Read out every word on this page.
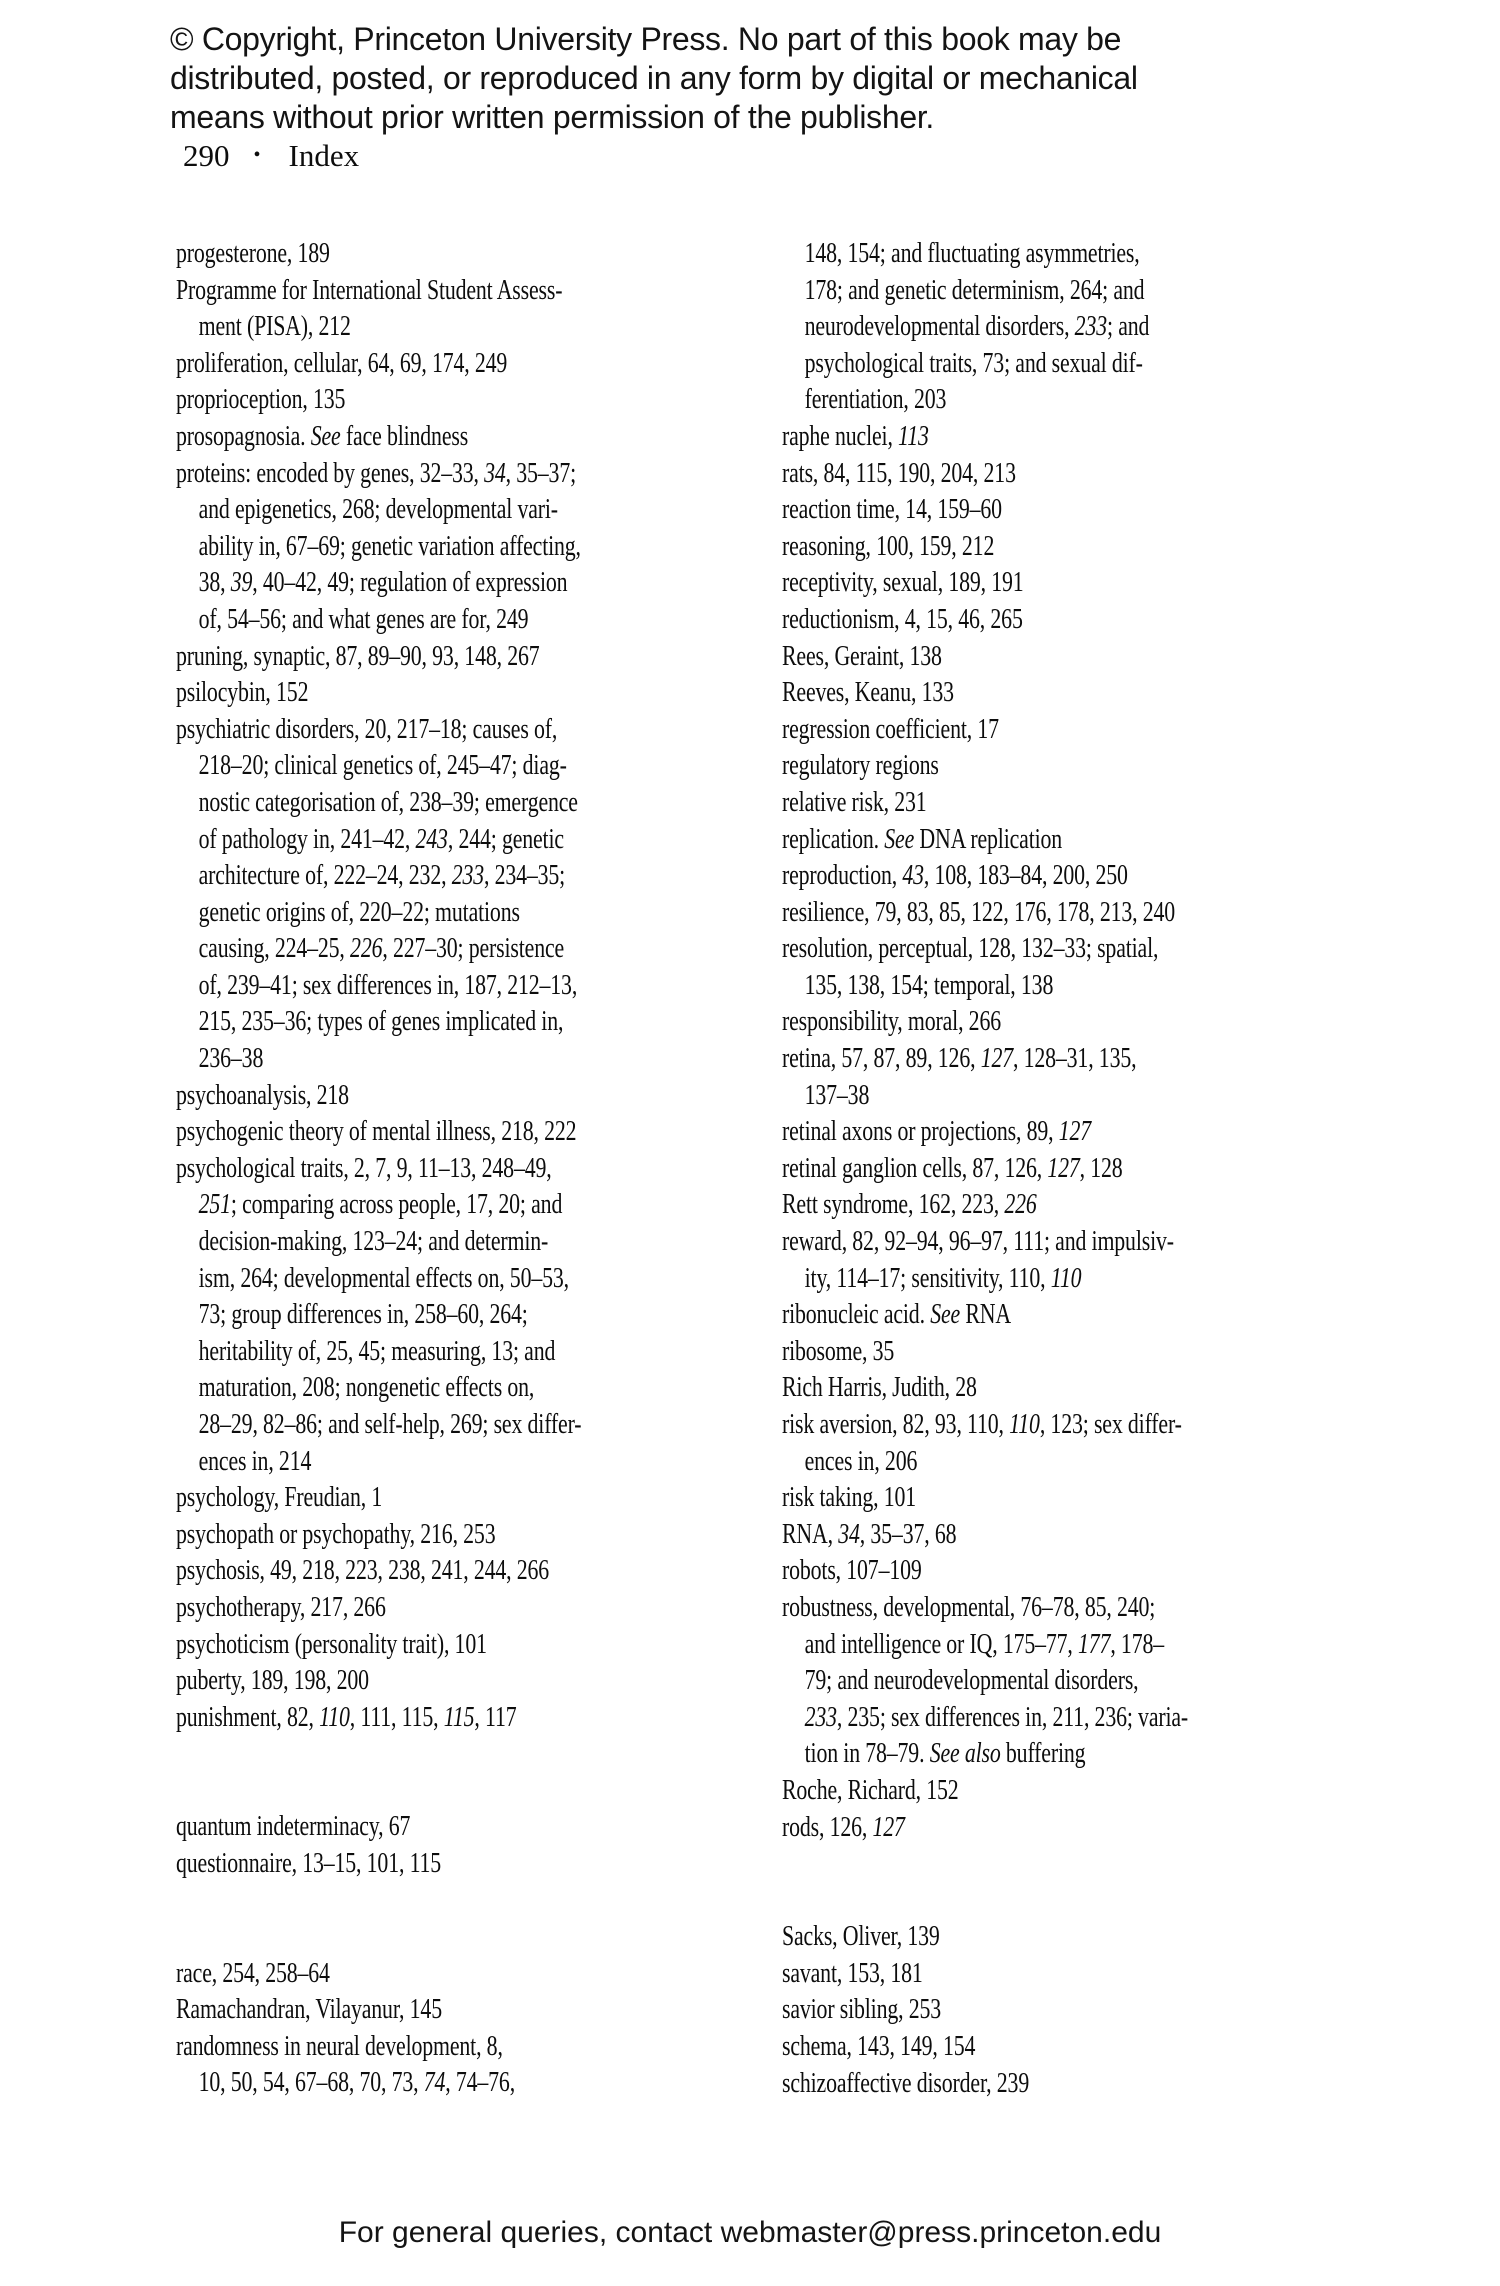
© Copyright, Princeton University Press. No part of this book may be
distributed, posted, or reproduced in any form by digital or mechanical
means without prior written permission of the publisher.
290 • Index
progesterone, 189
Programme for International Student Assess-
ment (PISA), 212
proliferation, cellular, 64, 69, 174, 249
proprioception, 135
prosopagnosia. See face blindness
proteins: encoded by genes, 32–33, 34, 35–37;
and epigenetics, 268; developmental vari-
ability in, 67–69; genetic variation affecting,
38, 39, 40–42, 49; regulation of expression
of, 54–56; and what genes are for, 249
pruning, synaptic, 87, 89–90, 93, 148, 267
psilocybin, 152
psychiatric disorders, 20, 217–18; causes of,
218–20; clinical genetics of, 245–47; diag-
nostic categorisation of, 238–39; emergence
of pathology in, 241–42, 243, 244; genetic
architecture of, 222–24, 232, 233, 234–35;
genetic origins of, 220–22; mutations
causing, 224–25, 226, 227–30; persistence
of, 239–41; sex differences in, 187, 212–13,
215, 235–36; types of genes implicated in,
236–38
psychoanalysis, 218
psychogenic theory of mental illness, 218, 222
psychological traits, 2, 7, 9, 11–13, 248–49,
251; comparing across people, 17, 20; and
decision-making, 123–24; and determin-
ism, 264; developmental effects on, 50–53,
73; group differences in, 258–60, 264;
heritability of, 25, 45; measuring, 13; and
maturation, 208; nongenetic effects on,
28–29, 82–86; and self-help, 269; sex differ-
ences in, 214
psychology, Freudian, 1
psychopath or psychopathy, 216, 253
psychosis, 49, 218, 223, 238, 241, 244, 266
psychotherapy, 217, 266
psychoticism (personality trait), 101
puberty, 189, 198, 200
punishment, 82, 110, 111, 115, 115, 117
quantum indeterminacy, 67
questionnaire, 13–15, 101, 115
race, 254, 258–64
Ramachandran, Vilayanur, 145
randomness in neural development, 8,
10, 50, 54, 67–68, 70, 73, 74, 74–76,
148, 154; and fluctuating asymmetries,
178; and genetic determinism, 264; and
neurodevelopmental disorders, 233; and
psychological traits, 73; and sexual dif-
ferentiation, 203
raphe nuclei, 113
rats, 84, 115, 190, 204, 213
reaction time, 14, 159–60
reasoning, 100, 159, 212
receptivity, sexual, 189, 191
reductionism, 4, 15, 46, 265
Rees, Geraint, 138
Reeves, Keanu, 133
regression coefficient, 17
regulatory regions
relative risk, 231
replication. See DNA replication
reproduction, 43, 108, 183–84, 200, 250
resilience, 79, 83, 85, 122, 176, 178, 213, 240
resolution, perceptual, 128, 132–33; spatial,
135, 138, 154; temporal, 138
responsibility, moral, 266
retina, 57, 87, 89, 126, 127, 128–31, 135,
137–38
retinal axons or projections, 89, 127
retinal ganglion cells, 87, 126, 127, 128
Rett syndrome, 162, 223, 226
reward, 82, 92–94, 96–97, 111; and impulsiv-
ity, 114–17; sensitivity, 110, 110
ribonucleic acid. See RNA
ribosome, 35
Rich Harris, Judith, 28
risk aversion, 82, 93, 110, 110, 123; sex differ-
ences in, 206
risk taking, 101
RNA, 34, 35–37, 68
robots, 107–109
robustness, developmental, 76–78, 85, 240;
and intelligence or IQ, 175–77, 177, 178–
79; and neurodevelopmental disorders,
233, 235; sex differences in, 211, 236; varia-
tion in 78–79. See also buffering
Roche, Richard, 152
rods, 126, 127
Sacks, Oliver, 139
savant, 153, 181
savior sibling, 253
schema, 143, 149, 154
schizoaffective disorder, 239
For general queries, contact webmaster@press.princeton.edu
